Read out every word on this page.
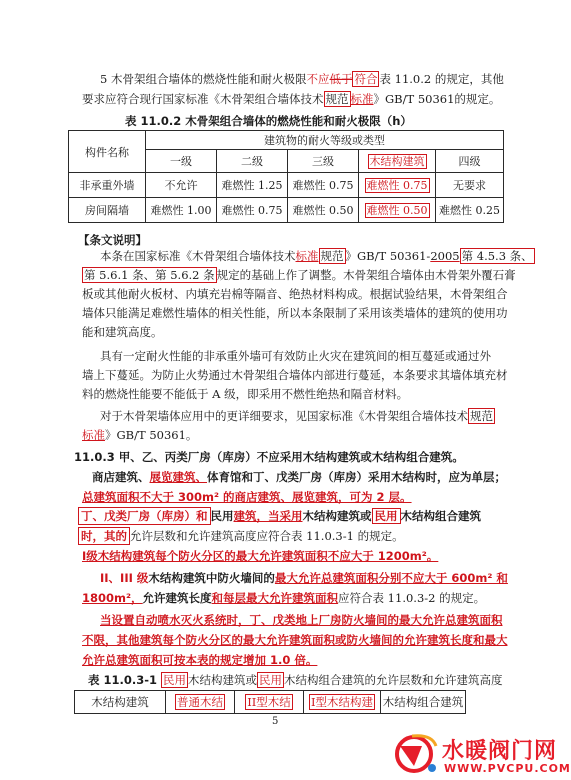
5 木骨架组合墙体的燃烧性能和耐火极限不应低于 符合 表 11.0.2 的规定，其他
要求应符合现行国家标准《木骨架组合墙体技术 规范 标准》GB/T 50361的规定。
表 11.0.2 木骨架组合墙体的燃烧性能和耐火极限（h）
构件名称	建筑物的耐火等级或类型				
	一级	二级	三级	木结构建筑	四级
非承重外墙	不允许	难燃性 1.25	难燃性 0.75	难燃性 0.75	无要求
房间隔墙	难燃性 1.00	难燃性 0.75	难燃性 0.50	难燃性 0.50	难燃性 0.25
【条文说明】
本条在国家标准《木骨架组合墙体技术标准 规范 》GB/T 50361-2005 第 4.5.3 条、
第 5.6.1 条、第 5.6.2 条 规定的基础上作了调整。木骨架组合墙体由木骨架外覆石膏
板或其他耐火板材、内填充岩棉等隔音、绝热材料构成。根据试验结果，木骨架组合
墙体只能满足难燃性墙体的相关性能，所以本条限制了采用该类墙体的建筑的使用功
能和建筑高度。
具有一定耐火性能的非承重外墙可有效防止火灾在建筑间的相互蔓延或通过外
墙上下蔓延。为防止火势通过木骨架组合墙体内部进行蔓延，本条要求其墙体填充材
料的燃烧性能要不能低于 A 级，即采用不燃性绝热和隔音材料。
对于木骨架墙体应用中的更详细要求，见国家标准《木骨架组合墙体技术 规范
标准》GB/T 50361。
11.0.3 甲、乙、丙类厂房（库房）不应采用木结构建筑或木结构组合建筑。
商店建筑、展览建筑、体育馆和丁、戊类厂房（库房）采用木结构时，应为单层；
总建筑面积不大于 300m² 的商店建筑、展览建筑，可为 2 层。
丁、戊类厂房（库房）和 民用建筑，当采用木结构建筑或 民用 木结构组合建筑
时，其的 允许层数和允许建筑高度应符合表 11.0.3-1 的规定。
I级木结构建筑每个防火分区的最大允许建筑面积不应大于 1200m²。
II、III 级木结构建筑中防火墙间的最大允许总建筑面积分别不应大于 600m² 和
1800m²，允许建筑长度和每层最大允许建筑面积应符合表 11.0.3-2 的规定。
当设置自动喷水灭火系统时，丁、戊类地上厂房防火墙间的最大允许总建筑面积
不限，其他建筑每个防火分区的最大允许建筑面积或防火墙间的允许建筑长度和最大
允许总建筑面积可按本表的规定增加 1.0 倍。
表 11.0.3-1 民用 木结构建筑或 民用 木结构组合建筑的允许层数和允许建筑高度
木结构建筑	普通木结	II型木结	I型木结构建	木结构组合建筑
5
水暖阀门网
WWW.PVCPU.COM
